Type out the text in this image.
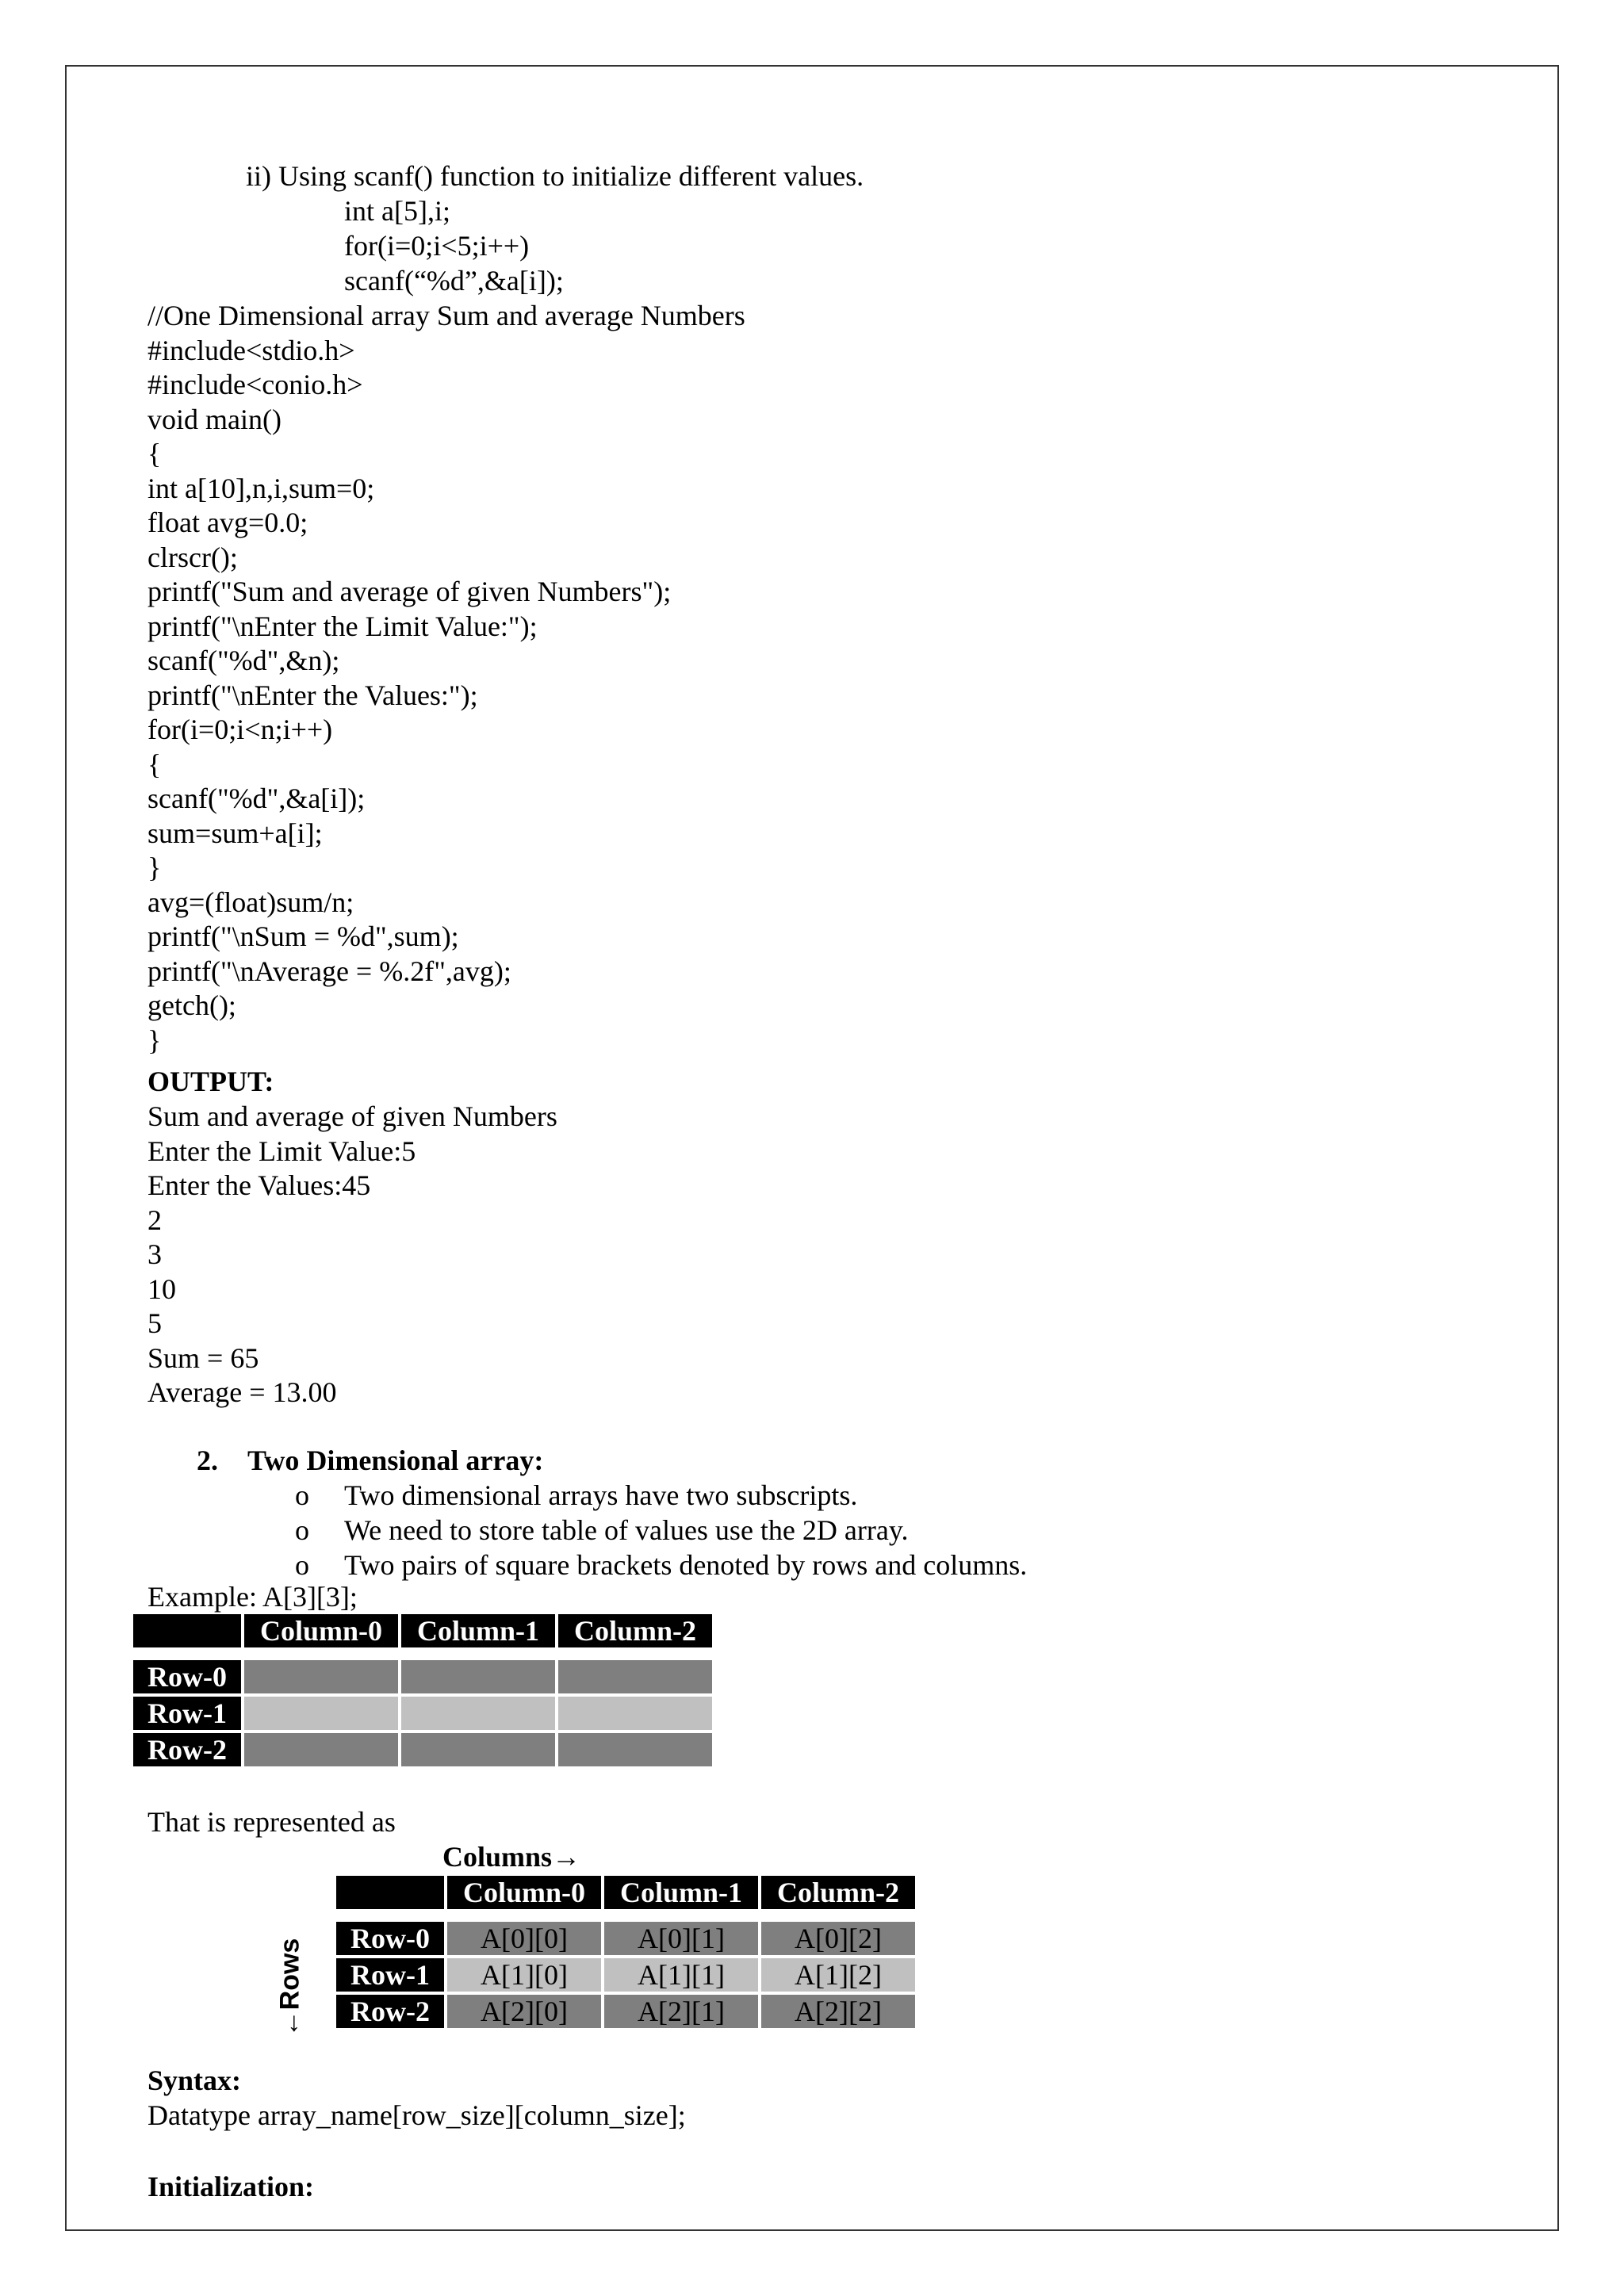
ii) Using scanf() function to initialize different values.
int a[5],i;
for(i=0;i<5;i++)
scanf(“%d”,&a[i]);
//One Dimensional array Sum and average Numbers
#include<stdio.h>
#include<conio.h>
void main()
{
int a[10],n,i,sum=0;
float avg=0.0;
clrscr();
printf("Sum and average of given Numbers");
printf("\nEnter the Limit Value:");
scanf("%d",&n);
printf("\nEnter the Values:");
for(i=0;i<n;i++)
{
scanf("%d",&a[i]);
sum=sum+a[i];
}
avg=(float)sum/n;
printf("\nSum = %d",sum);
printf("\nAverage = %.2f",avg);
getch();
}
OUTPUT:
Sum and average of given Numbers
Enter the Limit Value:5
Enter the Values:45
2
3
10
5
Sum = 65
Average = 13.00
2. Two Dimensional array:
o Two dimensional arrays have two subscripts.
o We need to store table of values use the 2D array.
o Two pairs of square brackets denoted by rows and columns.
Example: A[3][3];
	Column-0	Column-1	Column-2

Row-0			
Row-1			
Row-2			
That is represented as
Columns→
←Rows
	Column-0	Column-1	Column-2

Row-0	A[0][0]	A[0][1]	A[0][2]
Row-1	A[1][0]	A[1][1]	A[1][2]
Row-2	A[2][0]	A[2][1]	A[2][2]
Syntax:
Datatype array_name[row_size][column_size];
Initialization:
